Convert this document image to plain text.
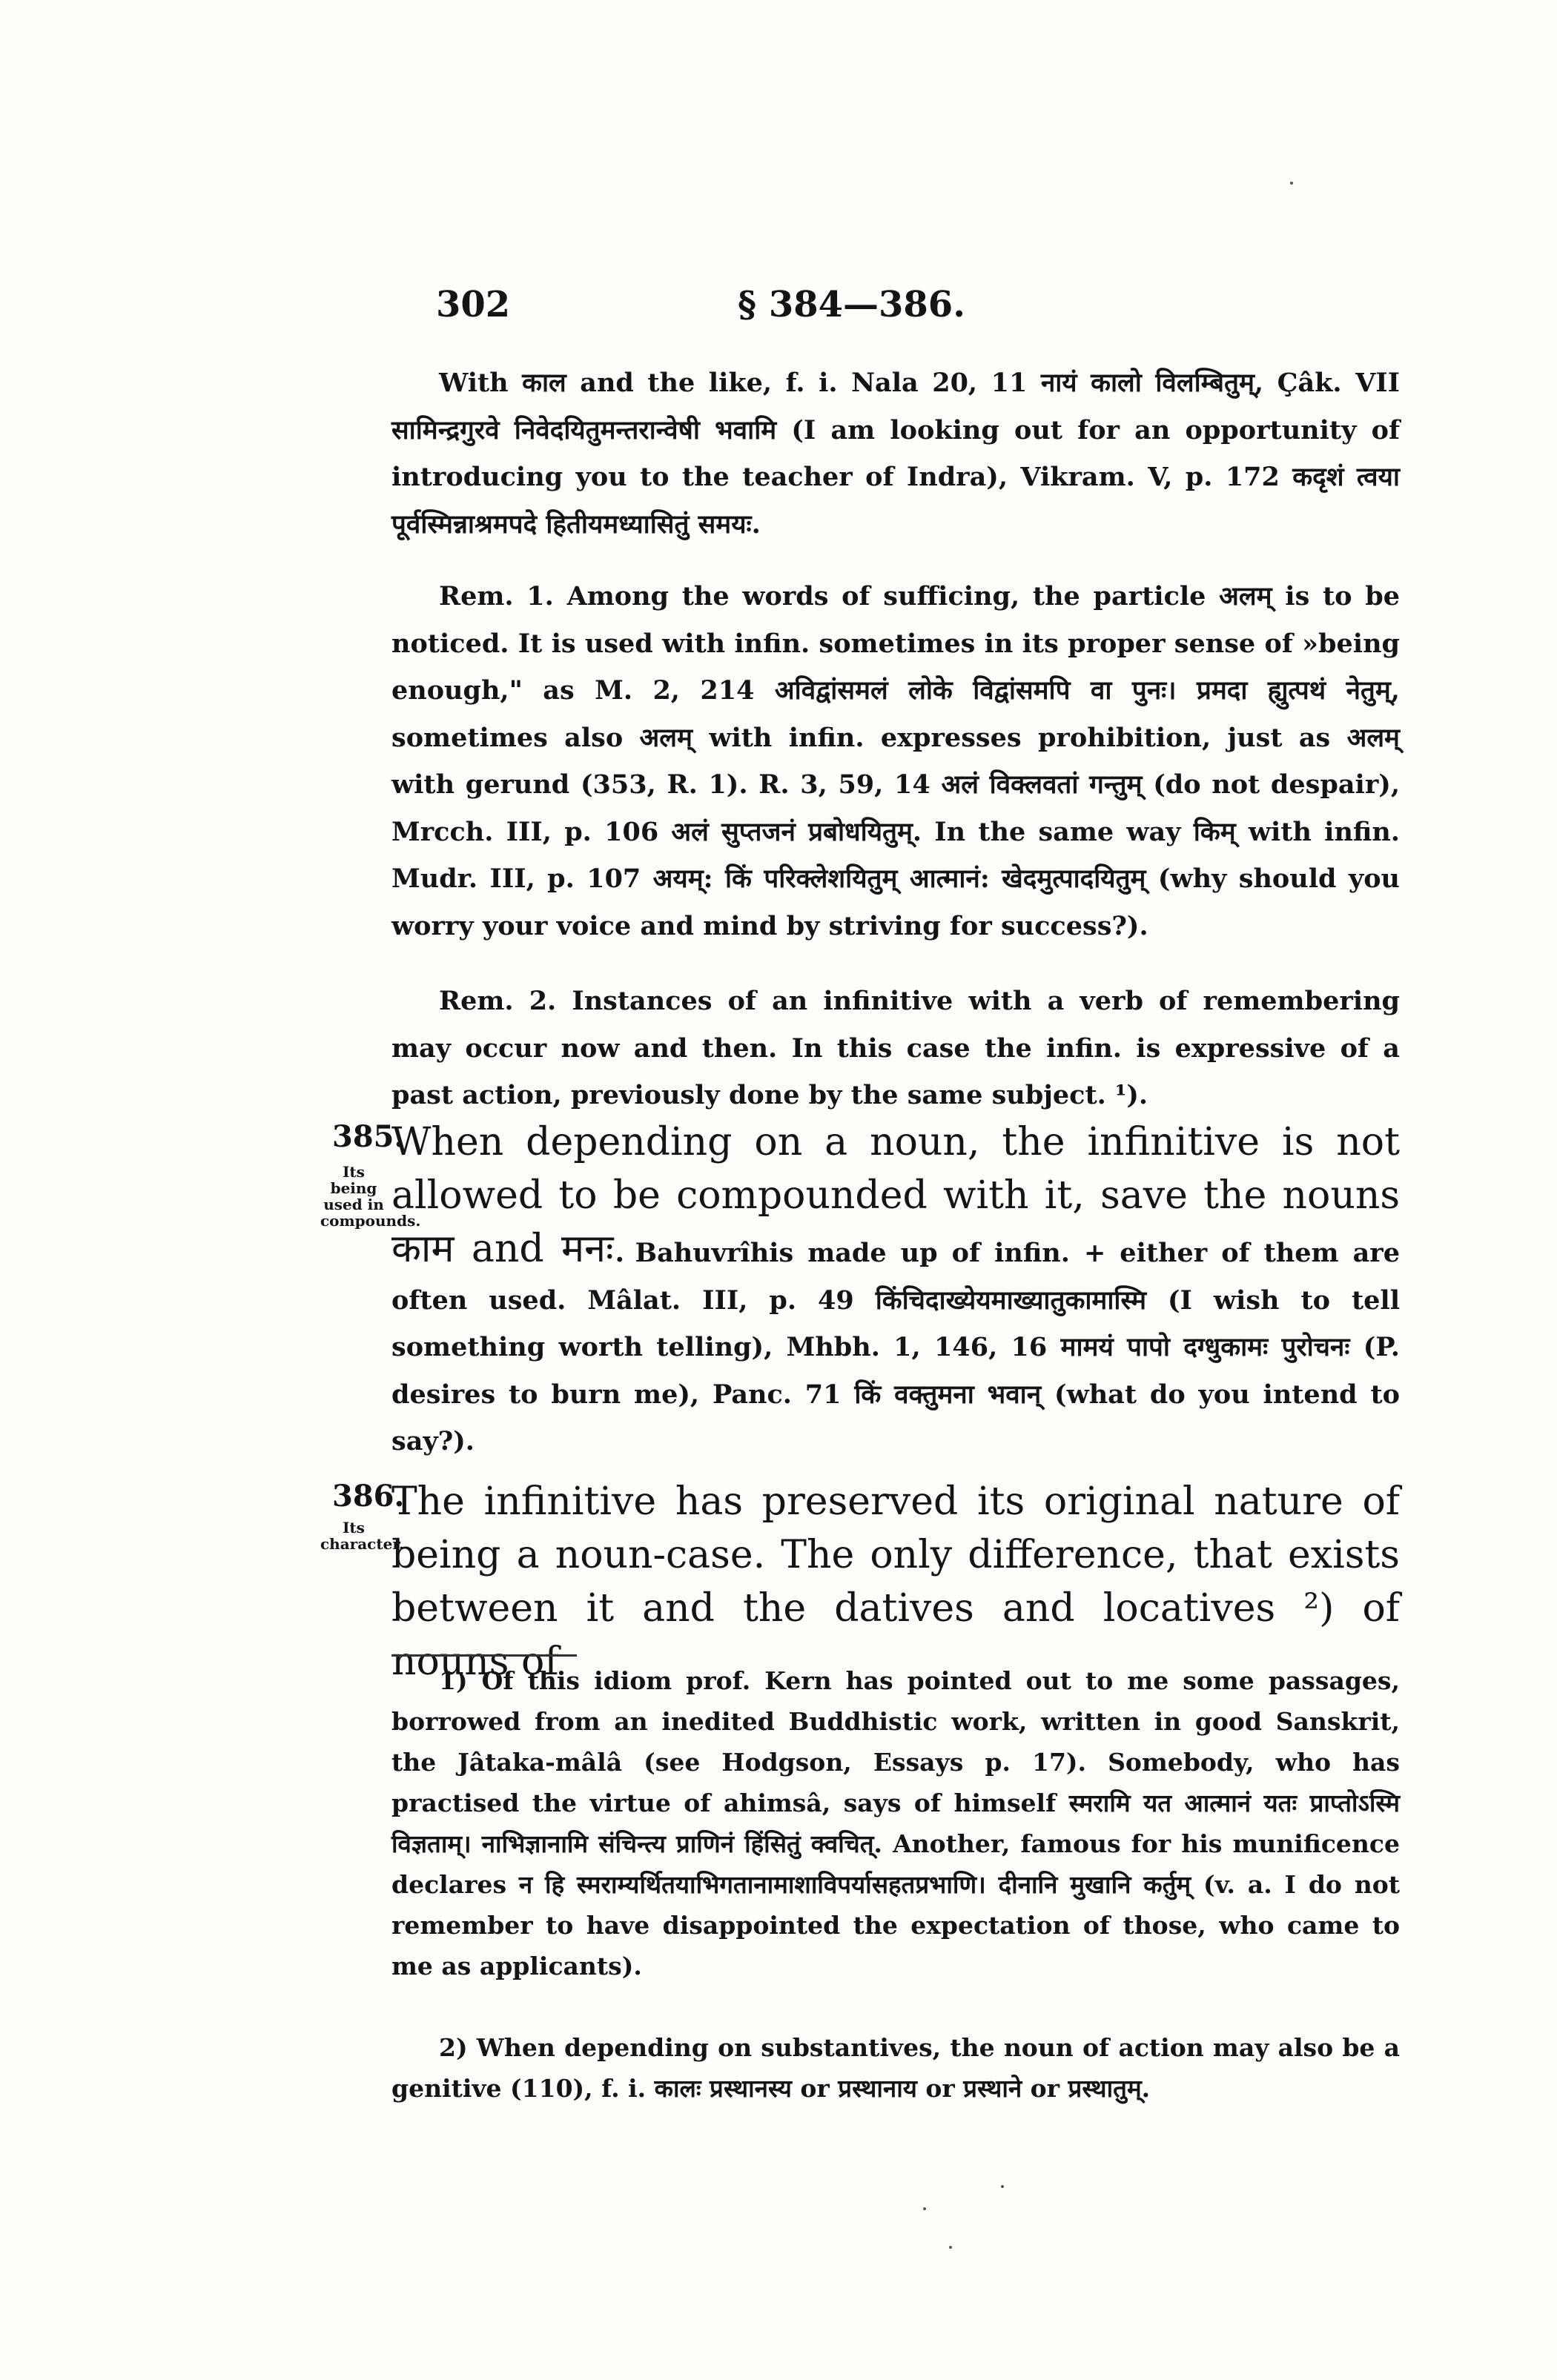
302	§ 384—386.
With काल and the like, f. i. Nala 20, 11 नायं कालो विलम्बितुम्, Çâk. VII सामिन्द्रगुरवे निवेदयितुमन्तरान्वेषी भवामि (I am looking out for an opportunity of introducing you to the teacher of Indra), Vikram. V, p. 172 कदृशं त्वया पूर्वस्मिन्नाश्रमपदे हितीयमध्यासितुं समयः.
Rem. 1. Among the words of sufficing, the particle अलम् is to be noticed. It is used with infin. sometimes in its proper sense of »being enough," as M. 2, 214 अविद्वांसमलं लोके विद्वांसमपि वा पुनः। प्रमदा ह्युत्पथं नेतुम्, sometimes also अलम् with infin. expresses prohibition, just as अलम् with gerund (353, R. 1). R. 3, 59, 14 अलं विक्लवतां गन्तुम् (do not despair), Mrcch. III, p. 106 अलं सुप्तजनं प्रबोधयितुम्. In the same way किम् with infin. Mudr. III, p. 107 अयम्: किं परिक्लेशयितुम् आत्मानं: खेदमुत्पादयितुम् (why should you worry your voice and mind by striving for success?).
Rem. 2. Instances of an infinitive with a verb of remembering may occur now and then. In this case the infin. is expressive of a past action, previously done by the same subject. ¹).
385.
Its being used in compounds.
When depending on a noun, the infinitive is not allowed to be compounded with it, save the nouns काम and मनः. Bahuvrîhis made up of infin. + either of them are often used. Mâlat. III, p. 49 किंचिदाख्येयमाख्यातुकामास्मि (I wish to tell something worth telling), Mhbh. 1, 146, 16 मामयं पापो दग्धुकामः पुरोचनः (P. desires to burn me), Panc. 71 किं वक्तुमना भवान् (what do you intend to say?).
386.
Its character.
The infinitive has preserved its original nature of being a noun-case. The only difference, that exists between it and the datives and locatives ²) of nouns of
1) Of this idiom prof. Kern has pointed out to me some passages, borrowed from an inedited Buddhistic work, written in good Sanskrit, the Jâtaka-mâlâ (see Hodgson, Essays p. 17). Somebody, who has practised the virtue of ahimsâ, says of himself स्मरामि यत आत्मानं यतः प्राप्तोऽस्मि विज्ञताम्। नाभिज्ञानामि संचिन्त्य प्राणिनं हिंसितुं क्वचित्. Another, famous for his munificence declares न हि स्मराम्यर्थितयाभिगतानामाशाविपर्यासहतप्रभाणि। दीनानि मुखानि कर्तुम् (v. a. I do not remember to have disappointed the expectation of those, who came to me as applicants).
2) When depending on substantives, the noun of action may also be a genitive (110), f. i. कालः प्रस्थानस्य or प्रस्थानाय or प्रस्थाने or प्रस्थातुम्.
